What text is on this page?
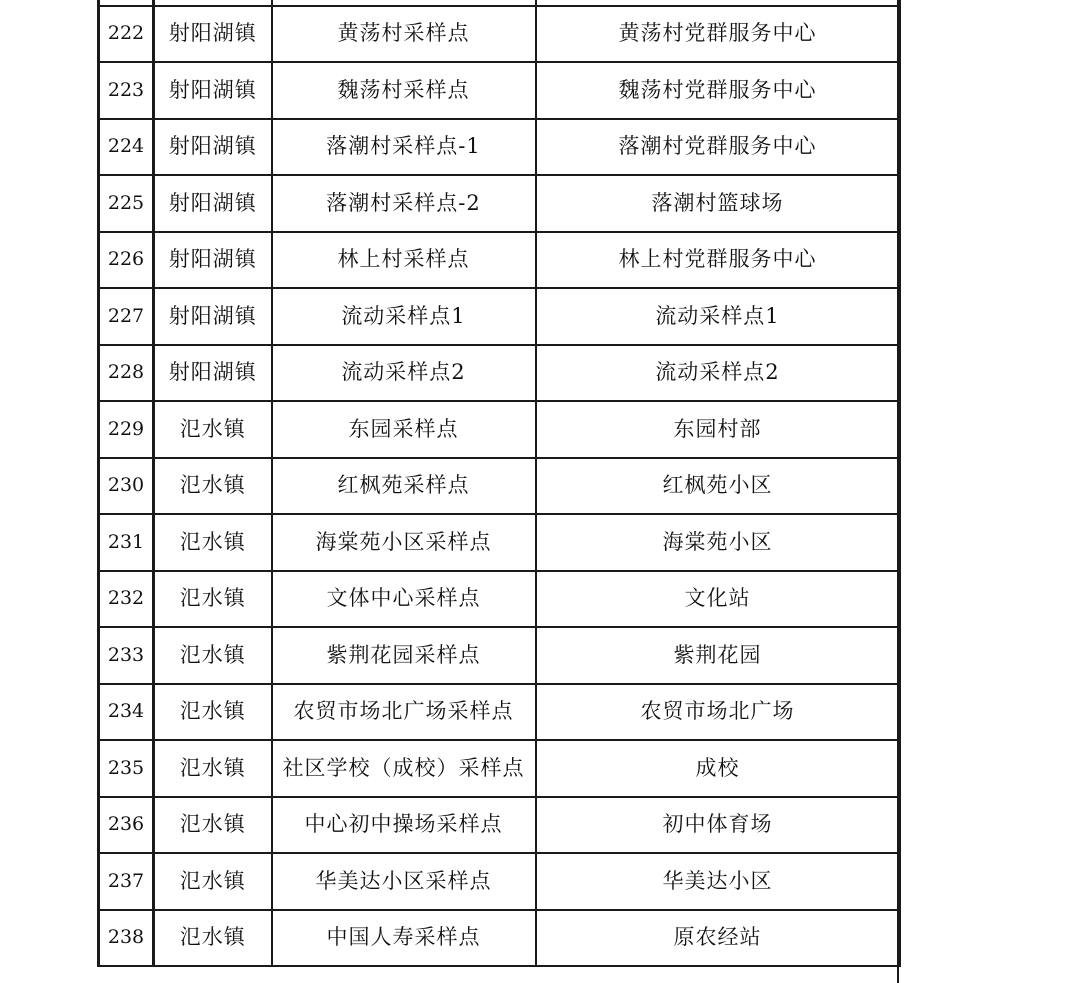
222	射阳湖镇	黄荡村采样点	黄荡村党群服务中心
223	射阳湖镇	魏荡村采样点	魏荡村党群服务中心
224	射阳湖镇	落潮村采样点-1	落潮村党群服务中心
225	射阳湖镇	落潮村采样点-2	落潮村篮球场
226	射阳湖镇	林上村采样点	林上村党群服务中心
227	射阳湖镇	流动采样点1	流动采样点1
228	射阳湖镇	流动采样点2	流动采样点2
229	氾水镇	东园采样点	东园村部
230	氾水镇	红枫苑采样点	红枫苑小区
231	氾水镇	海棠苑小区采样点	海棠苑小区
232	氾水镇	文体中心采样点	文化站
233	氾水镇	紫荆花园采样点	紫荆花园
234	氾水镇	农贸市场北广场采样点	农贸市场北广场
235	氾水镇	社区学校（成校）采样点	成校
236	氾水镇	中心初中操场采样点	初中体育场
237	氾水镇	华美达小区采样点	华美达小区
238	氾水镇	中国人寿采样点	原农经站
